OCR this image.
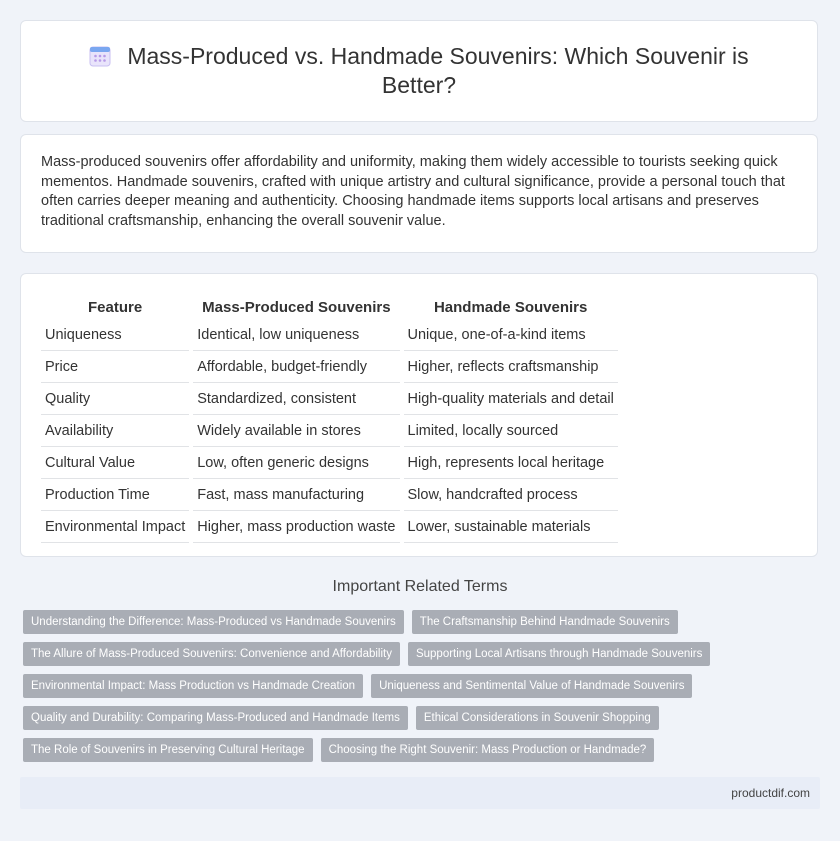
Mass-Produced vs. Handmade Souvenirs: Which Souvenir is Better?

Mass-produced souvenirs offer affordability and uniformity, making them widely accessible to tourists seeking quick mementos. Handmade souvenirs, crafted with unique artistry and cultural significance, provide a personal touch that often carries deeper meaning and authenticity. Choosing handmade items supports local artisans and preserves traditional craftsmanship, enhancing the overall souvenir value.

Feature	Mass-Produced Souvenirs	Handmade Souvenirs
Uniqueness	Identical, low uniqueness	Unique, one-of-a-kind items
Price	Affordable, budget-friendly	Higher, reflects craftsmanship
Quality	Standardized, consistent	High-quality materials and detail
Availability	Widely available in stores	Limited, locally sourced
Cultural Value	Low, often generic designs	High, represents local heritage
Production Time	Fast, mass manufacturing	Slow, handcrafted process
Environmental Impact	Higher, mass production waste	Lower, sustainable materials
Important Related Terms
Understanding the Difference: Mass-Produced vs Handmade Souvenirs	The Craftsmanship Behind Handmade Souvenirs
The Allure of Mass-Produced Souvenirs: Convenience and Affordability	Supporting Local Artisans through Handmade Souvenirs
Environmental Impact: Mass Production vs Handmade Creation	Uniqueness and Sentimental Value of Handmade Souvenirs
Quality and Durability: Comparing Mass-Produced and Handmade Items	Ethical Considerations in Souvenir Shopping
The Role of Souvenirs in Preserving Cultural Heritage	Choosing the Right Souvenir: Mass Production or Handmade?
productdif.com
